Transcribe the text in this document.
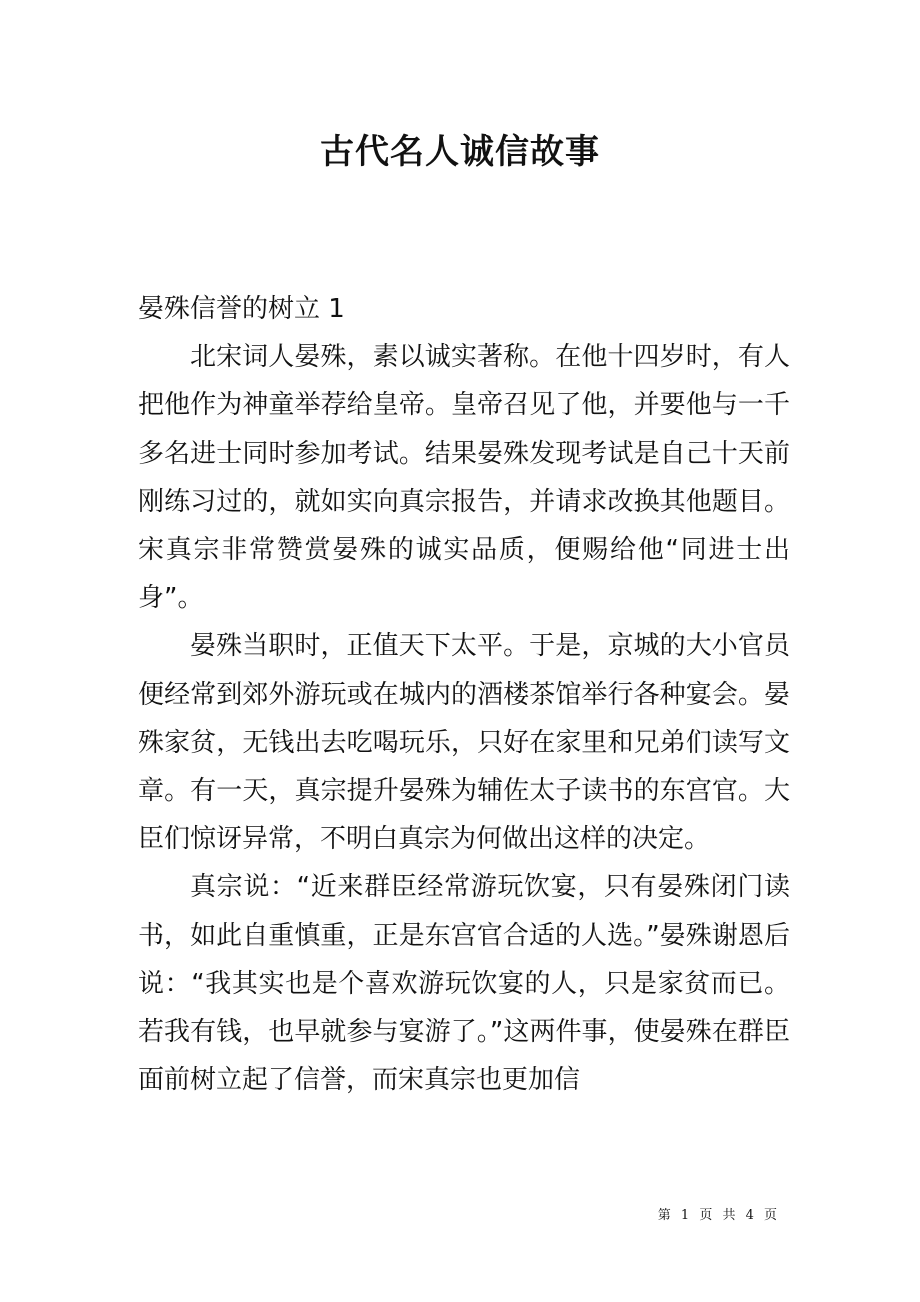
古代名人诚信故事

晏殊信誉的树立 1

北宋词人晏殊，素以诚实著称。在他十四岁时，有人把他作为神童举荐给皇帝。皇帝召见了他，并要他与一千多名进士同时参加考试。结果晏殊发现考试是自己十天前刚练习过的，就如实向真宗报告，并请求改换其他题目。宋真宗非常赞赏晏殊的诚实品质，便赐给他“同进士出身”。

晏殊当职时，正值天下太平。于是，京城的大小官员便经常到郊外游玩或在城内的酒楼茶馆举行各种宴会。晏殊家贫，无钱出去吃喝玩乐，只好在家里和兄弟们读写文章。有一天，真宗提升晏殊为辅佐太子读书的东宫官。大臣们惊讶异常，不明白真宗为何做出这样的决定。

真宗说：“近来群臣经常游玩饮宴，只有晏殊闭门读书，如此自重慎重，正是东宫官合适的人选。”晏殊谢恩后说：“我其实也是个喜欢游玩饮宴的人，只是家贫而已。若我有钱，也早就参与宴游了。”这两件事，使晏殊在群臣面前树立起了信誉，而宋真宗也更加信

第 1 页 共 4 页
